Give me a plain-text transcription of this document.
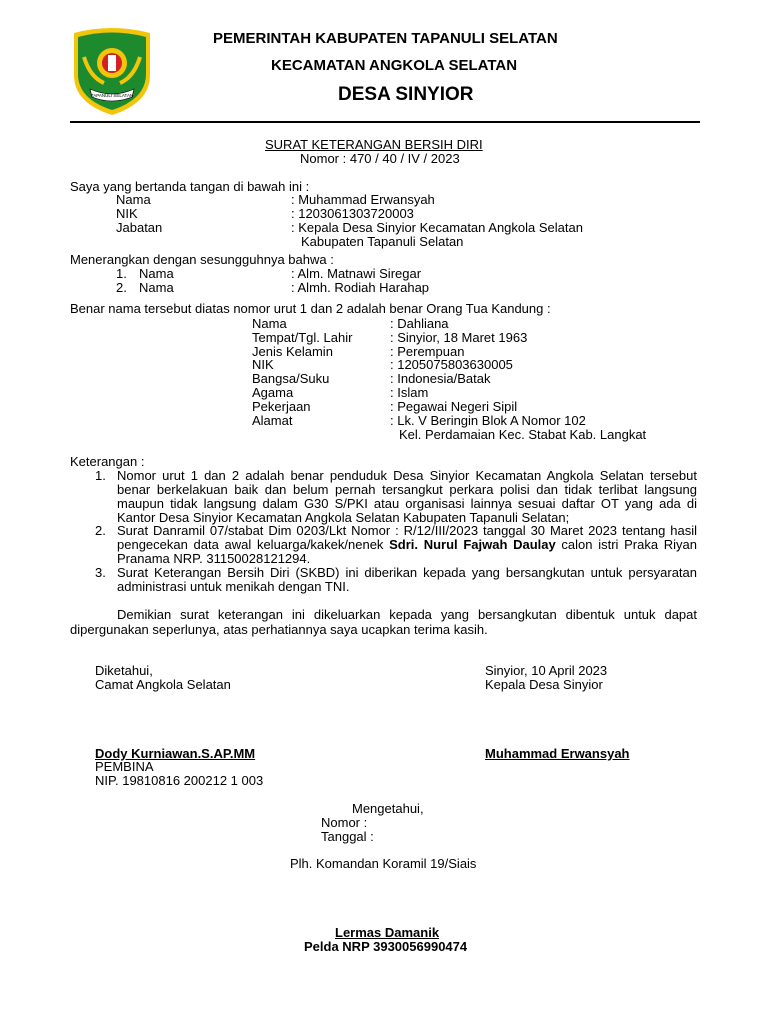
TAPANULI SELATAN
PEMERINTAH KABUPATEN TAPANULI SELATAN
KECAMATAN ANGKOLA SELATAN
DESA SINYIOR
SURAT KETERANGAN BERSIH DIRI
Nomor : 470 / 40 / IV / 2023
Saya yang bertanda tangan di bawah ini :
Nama	: Muhammad Erwansyah
NIK	: 1203061303720003
Jabatan	: Kepala Desa Sinyior Kecamatan Angkola Selatan
Kabupaten Tapanuli Selatan
Menerangkan dengan sesungguhnya bahwa :
1. Nama	: Alm. Matnawi Siregar
2. Nama	: Almh. Rodiah Harahap
Benar nama tersebut diatas nomor urut 1 dan 2 adalah benar Orang Tua Kandung :
Nama	: Dahliana
Tempat/Tgl. Lahir	: Sinyior, 18 Maret 1963
Jenis Kelamin	: Perempuan
NIK	: 1205075803630005
Bangsa/Suku	: Indonesia/Batak
Agama	: Islam
Pekerjaan	: Pegawai Negeri Sipil
Alamat	: Lk. V Beringin Blok A Nomor 102
Kel. Perdamaian Kec. Stabat Kab. Langkat
Keterangan :
1. Nomor urut 1 dan 2 adalah benar penduduk Desa Sinyior Kecamatan Angkola Selatan tersebut benar berkelakuan baik dan belum pernah tersangkut perkara polisi dan tidak terlibat langsung maupun tidak langsung dalam G30 S/PKI atau organisasi lainnya sesuai daftar OT yang ada di Kantor Desa Sinyior Kecamatan Angkola Selatan Kabupaten Tapanuli Selatan;
2. Surat Danramil 07/stabat Dim 0203/Lkt Nomor : R/12/III/2023 tanggal 30 Maret 2023 tentang hasil pengecekan data awal keluarga/kakek/nenek Sdri. Nurul Fajwah Daulay calon istri Praka Riyan Pranama NRP. 31150028121294.
3. Surat Keterangan Bersih Diri (SKBD) ini diberikan kepada yang bersangkutan untuk persyaratan administrasi untuk menikah dengan TNI.
Demikian surat keterangan ini dikeluarkan kepada yang bersangkutan dibentuk untuk dapat dipergunakan seperlunya, atas perhatiannya saya ucapkan terima kasih.
Diketahui,
Camat Angkola Selatan
Dody Kurniawan.S.AP.MM
PEMBINA
NIP. 19810816 200212 1 003
Sinyior, 10 April 2023
Kepala Desa Sinyior
Muhammad Erwansyah
Mengetahui,
Nomor :
Tanggal :
Plh. Komandan Koramil 19/Siais
Lermas Damanik
Pelda NRP 3930056990474
